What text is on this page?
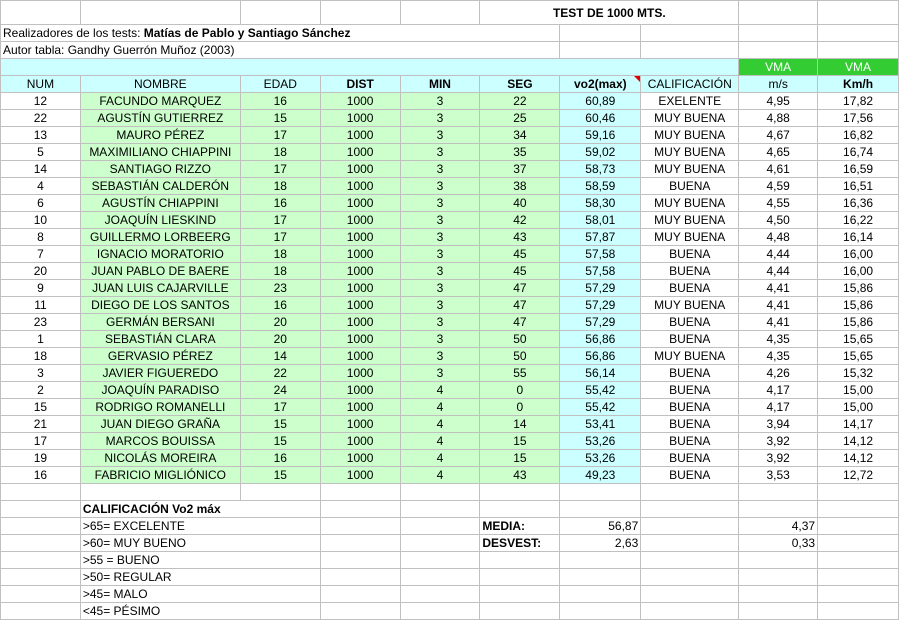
					TEST DE 1000 MTS.				
Realizadores de los tests: Matías de Pablo y Santiago Sánchez									
Autor tabla: Gandhy Guerrón Muñoz (2003)									
								VMA	VMA
NUM	NOMBRE	EDAD	DIST	MIN	SEG	vo2(max)	CALIFICACIÓN	m/s	Km/h
12	FACUNDO MARQUEZ	16	1000	3	22	60,89	EXELENTE	4,95	17,82
22	AGUSTÍN GUTIERREZ	15	1000	3	25	60,46	MUY BUENA	4,88	17,56
13	MAURO PÉREZ	17	1000	3	34	59,16	MUY BUENA	4,67	16,82
5	MAXIMILIANO CHIAPPINI	18	1000	3	35	59,02	MUY BUENA	4,65	16,74
14	SANTIAGO RIZZO	17	1000	3	37	58,73	MUY BUENA	4,61	16,59
4	SEBASTIÁN CALDERÓN	18	1000	3	38	58,59	BUENA	4,59	16,51
6	AGUSTÍN CHIAPPINI	16	1000	3	40	58,30	MUY BUENA	4,55	16,36
10	JOAQUÍN LIESKIND	17	1000	3	42	58,01	MUY BUENA	4,50	16,22
8	GUILLERMO LORBEERG	17	1000	3	43	57,87	MUY BUENA	4,48	16,14
7	IGNACIO MORATORIO	18	1000	3	45	57,58	BUENA	4,44	16,00
20	JUAN PABLO DE BAERE	18	1000	3	45	57,58	BUENA	4,44	16,00
9	JUAN LUIS CAJARVILLE	23	1000	3	47	57,29	BUENA	4,41	15,86
11	DIEGO DE LOS SANTOS	16	1000	3	47	57,29	MUY BUENA	4,41	15,86
23	GERMÁN BERSANI	20	1000	3	47	57,29	BUENA	4,41	15,86
1	SEBASTIÁN CLARA	20	1000	3	50	56,86	BUENA	4,35	15,65
18	GERVASIO PÉREZ	14	1000	3	50	56,86	MUY BUENA	4,35	15,65
3	JAVIER FIGUEREDO	22	1000	3	55	56,14	BUENA	4,26	15,32
2	JOAQUÍN PARADISO	24	1000	4	0	55,42	BUENA	4,17	15,00
15	RODRIGO ROMANELLI	17	1000	4	0	55,42	BUENA	4,17	15,00
21	JUAN DIEGO GRAÑA	15	1000	4	14	53,41	BUENA	3,94	14,17
17	MARCOS BOUISSA	15	1000	4	15	53,26	BUENA	3,92	14,12
19	NICOLÁS MOREIRA	16	1000	4	15	53,26	BUENA	3,92	14,12
16	FABRICIO MIGLIÓNICO	15	1000	4	43	49,23	BUENA	3,53	12,72

	CALIFICACIÓN Vo2 máx								
	>65= EXCELENTE				MEDIA:	56,87		4,37	
	>60= MUY BUENO				DESVEST:	2,63		0,33	
	>55 = BUENO								
	>50= REGULAR								
	>45= MALO								
	<45= PÉSIMO								
